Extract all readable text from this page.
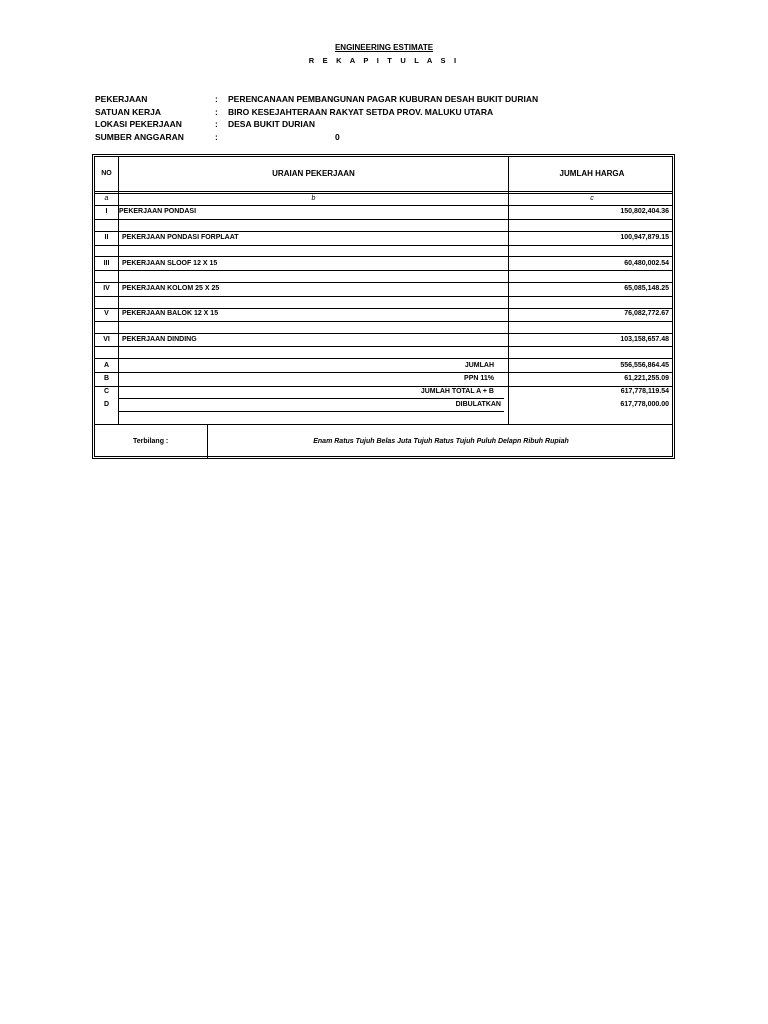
ENGINEERING ESTIMATE
R E K A P I T U L A S I
PEKERJAAN	: PERENCANAAN PEMBANGUNAN PAGAR KUBURAN DESAH BUKIT DURIAN
SATUAN KERJA	: BIRO KESEJAHTERAAN RAKYAT SETDA PROV. MALUKU UTARA
LOKASI PEKERJAAN	: DESA BUKIT DURIAN
SUMBER ANGGARAN	:	0
NO	URAIAN PEKERJAAN	JUMLAH HARGA
a	b	c
I	PEKERJAAN PONDASI	150,802,404.36
II	PEKERJAAN PONDASI FORPLAAT	100,947,879.15
III	PEKERJAAN SLOOF 12 X 15	60,480,002.54
IV	PEKERJAAN KOLOM 25 X 25	65,085,148.25
V	PEKERJAAN BALOK 12 X 15	76,082,772.67
VI	PEKERJAAN DINDING	103,158,657.48
A	JUMLAH	556,556,864.45
B	PPN 11%	61,221,255.09
C	JUMLAH TOTAL A + B	617,778,119.54
D	DIBULATKAN	617,778,000.00
Terbilang :	Enam Ratus Tujuh Belas Juta Tujuh Ratus Tujuh Puluh Delapn Ribuh Rupiah
